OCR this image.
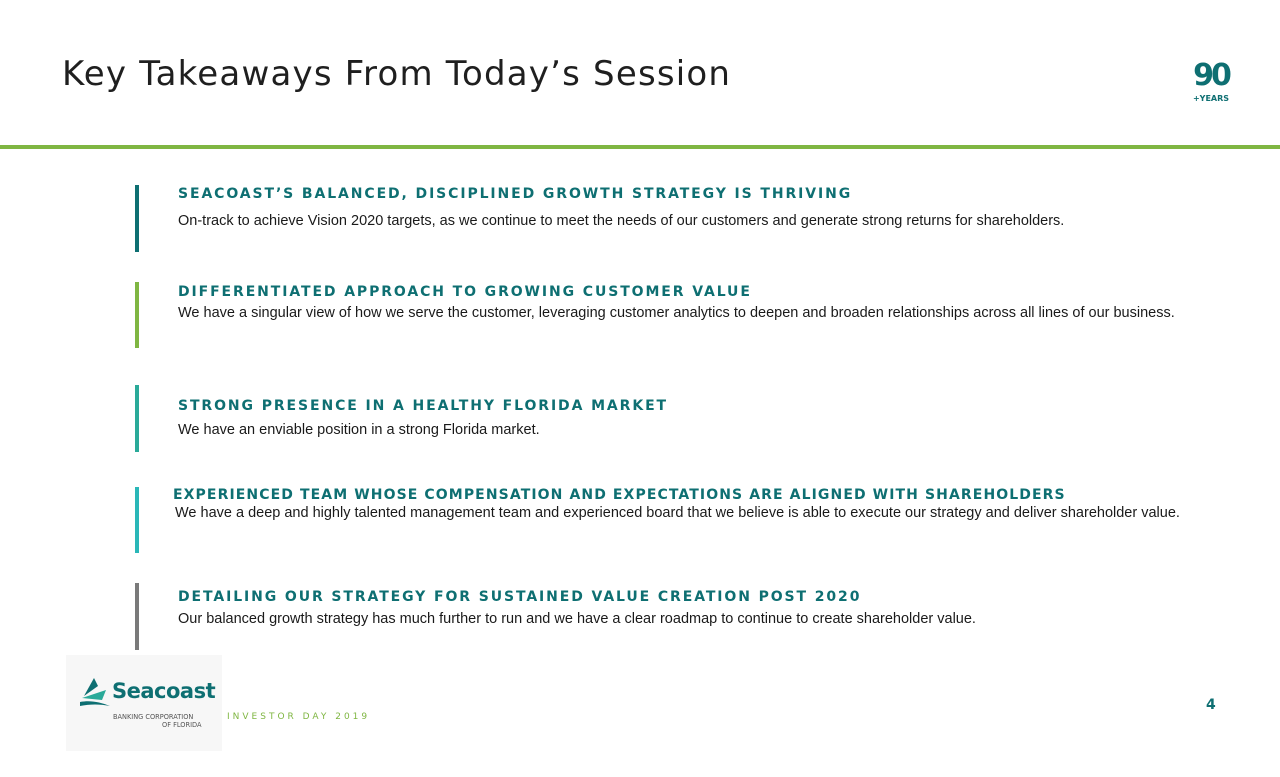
Key Takeaways From Today’s Session	90
+YEARS
SEACOAST’S BALANCED, DISCIPLINED GROWTH STRATEGY IS THRIVING

On-track to achieve Vision 2020 targets, as we continue to meet the needs of our customers and generate strong returns for shareholders.

DIFFERENTIATED APPROACH TO GROWING CUSTOMER VALUE

We have a singular view of how we serve the customer, leveraging customer analytics to deepen and broaden relationships across all lines of our business.

STRONG PRESENCE IN A HEALTHY FLORIDA MARKET

We have an enviable position in a strong Florida market.

EXPERIENCED TEAM WHOSE COMPENSATION AND EXPECTATIONS ARE ALIGNED WITH SHAREHOLDERS

We have a deep and highly talented management team and experienced board that we believe is able to execute our strategy and deliver shareholder value.

DETAILING OUR STRATEGY FOR SUSTAINED VALUE CREATION POST 2020

Our balanced growth strategy has much further to run and we have a clear roadmap to continue to create shareholder value.

Seacoast
BANKING CORPORATION
OF FLORIDA
INVESTOR DAY 2019
4
